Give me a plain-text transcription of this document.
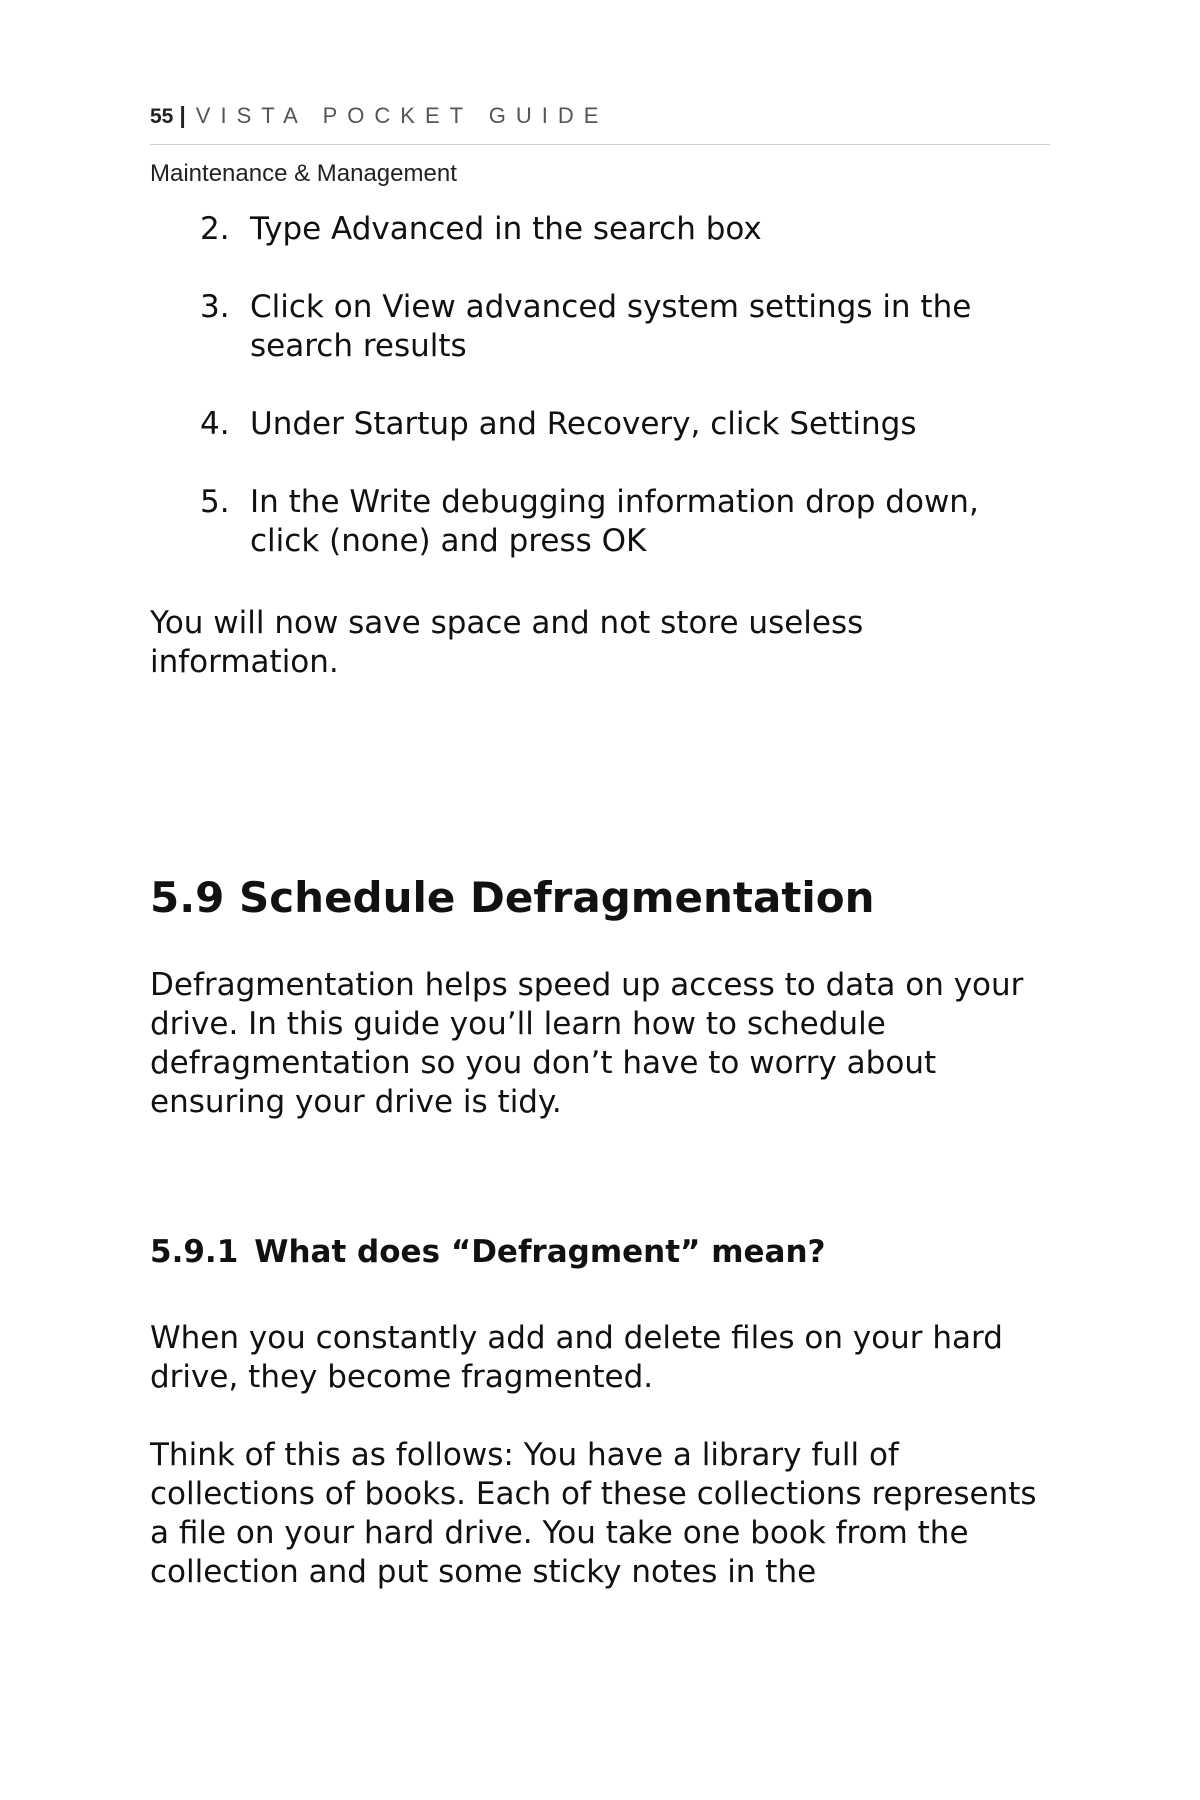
55 | VISTA POCKET GUIDE
Maintenance & Management
2. Type Advanced in the search box
3. Click on View advanced system settings in the search results
4. Under Startup and Recovery, click Settings
5. In the Write debugging information drop down, click (none) and press OK

You will now save space and not store useless information.

5.9 Schedule Defragmentation

Defragmentation helps speed up access to data on your drive. In this guide you’ll learn how to schedule defragmentation so you don’t have to worry about ensuring your drive is tidy.

5.9.1 What does “Defragment” mean?

When you constantly add and delete files on your hard drive, they become fragmented.

Think of this as follows: You have a library full of collections of books. Each of these collections represents a file on your hard drive. You take one book from the collection and put some sticky notes in the
